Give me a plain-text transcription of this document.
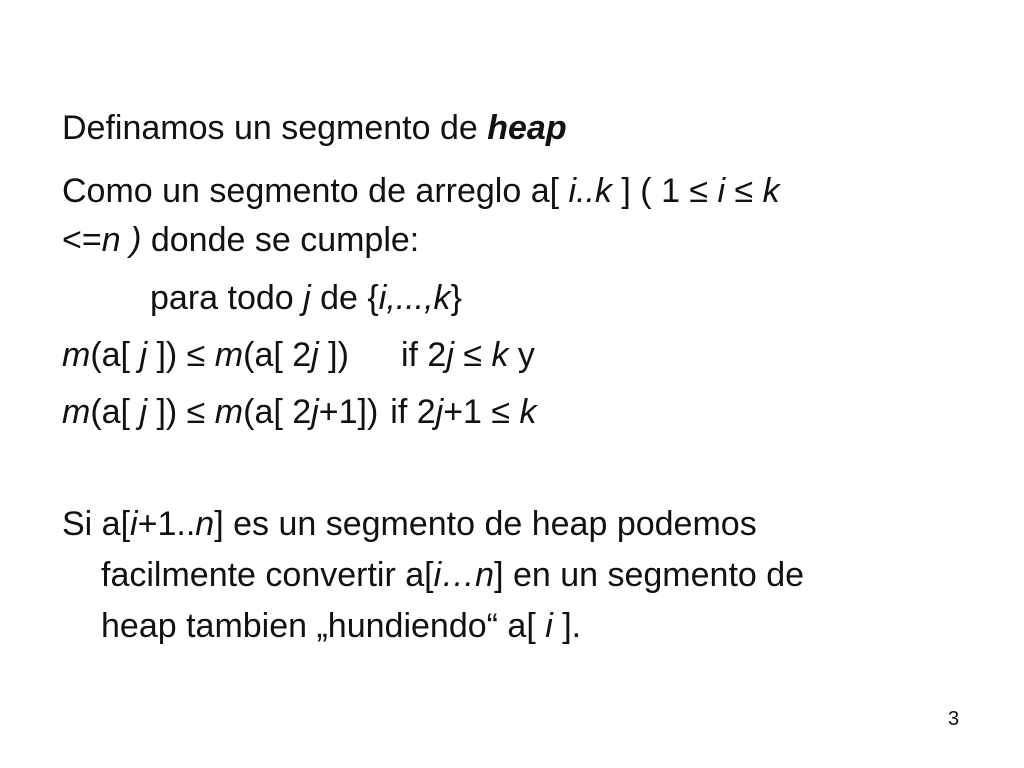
Definamos un segmento de heap
Como un segmento de arreglo a[ i..k ] ( 1 ≤ i ≤ k
<=n ) donde se cumple:
para todo j de {i,...,k}
m(a[ j ]) ≤ m(a[ 2j ]) if 2j ≤ k y
m(a[ j ]) ≤ m(a[ 2j+1]) if 2j+1 ≤ k
Si a[i+1..n] es un segmento de heap podemos
facilmente convertir a[i…n] en un segmento de
heap tambien „hundiendo“ a[ i ].
3
